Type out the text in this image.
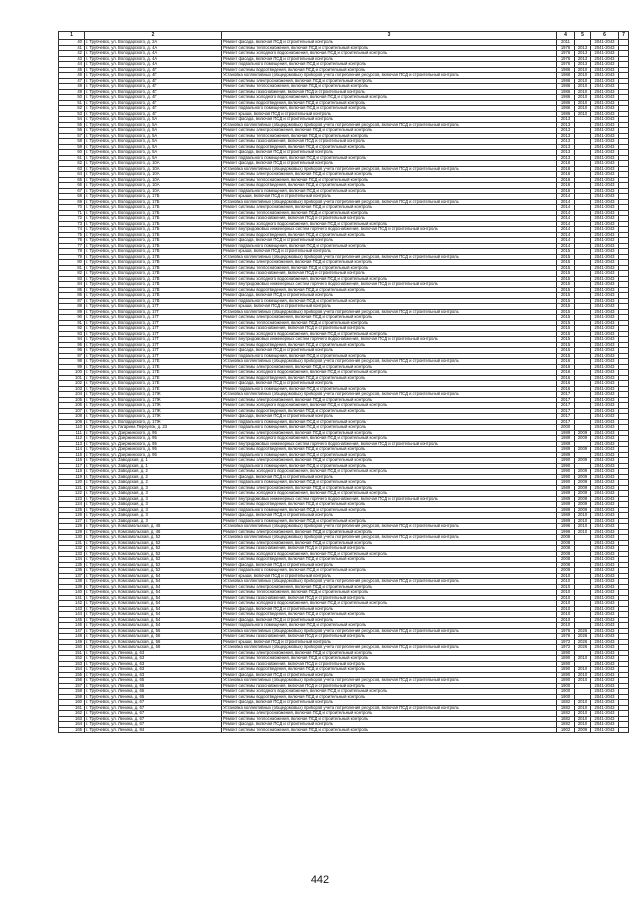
1	2	3	4	5	6	7
40	г. Трубчевск, ул. Володарского, д. 2А	Ремонт фасада, включая ПСД и строительный контроль	2011		2041-2043	
41	г. Трубчевск, ул. Володарского, д. 4А	Ремонт системы теплоснабжения, включая ПСД и строительный контроль	1976	2013	2041-2043	
42	г. Трубчевск, ул. Володарского, д. 4А	Ремонт системы холодного водоснабжения, включая ПСД и строительный контроль	1976	2013	2041-2043	
43	г. Трубчевск, ул. Володарского, д. 4А	Ремонт фасада, включая ПСД и строительный контроль	1976	2013	2041-2043	
44	г. Трубчевск, ул. Володарского, д. 4А	Ремонт подвального помещения, включая ПСД и строительный контроль	1976	2013	2041-2043	
45	г. Трубчевск, ул. Володарского, д. 4Г	Ремонт системы водоотведения, включая ПСД и строительный контроль	1986	2010	2041-2043	
46	г. Трубчевск, ул. Володарского, д. 4Г	Установка коллективных (общедомовых) приборов учета потребления ресурсов, включая ПСД и строительный контроль	1986	2010	2041-2043	
47	г. Трубчевск, ул. Володарского, д. 4Г	Ремонт системы электроснабжения, включая ПСД и строительный контроль	1986	2010	2041-2043	
48	г. Трубчевск, ул. Володарского, д. 4Г	Ремонт системы теплоснабжения, включая ПСД и строительный контроль	1986	2010	2041-2043	
49	г. Трубчевск, ул. Володарского, д. 4Г	Ремонт системы газоснабжения, включая ПСД и строительный контроль	1986	2010	2041-2043	
50	г. Трубчевск, ул. Володарского, д. 4Г	Ремонт системы холодного водоснабжения, включая ПСД и строительный контроль	1986	2010	2041-2043	
51	г. Трубчевск, ул. Володарского, д. 4Г	Ремонт системы водоотведения, включая ПСД и строительный контроль	1986	2010	2041-2043	
52	г. Трубчевск, ул. Володарского, д. 4Г	Ремонт подвального помещения, включая ПСД и строительный контроль	1986	2010	2041-2043	
53	г. Трубчевск, ул. Володарского, д. 4Г	Ремонт крыши, включая ПСД и строительный контроль	1986	2010	2041-2043	
54	г. Трубчевск, ул. Володарского, д. 5А	Ремонт фасада, включая ПСД и строительный контроль	2013		2041-2043	
55	г. Трубчевск, ул. Володарского, д. 5А	Установка коллективных (общедомовых) приборов учета потребления ресурсов, включая ПСД и строительный контроль	2013		2041-2043	
56	г. Трубчевск, ул. Володарского, д. 5А	Ремонт системы электроснабжения, включая ПСД и строительный контроль	2013		2041-2043	
57	г. Трубчевск, ул. Володарского, д. 5А	Ремонт системы теплоснабжения, включая ПСД и строительный контроль	2013		2041-2043	
58	г. Трубчевск, ул. Володарского, д. 5А	Ремонт системы газоснабжения, включая ПСД и строительный контроль	2013		2041-2043	
59	г. Трубчевск, ул. Володарского, д. 5А	Ремонт системы водоотведения, включая ПСД и строительный контроль	2013		2041-2043	
60	г. Трубчевск, ул. Володарского, д. 5А	Ремонт фасада, включая ПСД и строительный контроль	2013		2041-2043	
61	г. Трубчевск, ул. Володарского, д. 5А	Ремонт подвального помещения, включая ПСД и строительный контроль	2013		2041-2043	
62	г. Трубчевск, ул. Володарского, д. 10А	Ремонт фасада, включая ПСД и строительный контроль	2016		2041-2043	
63	г. Трубчевск, ул. Володарского, д. 10А	Установка коллективных (общедомовых) приборов учета потребления ресурсов, включая ПСД и строительный контроль	2016		2041-2043	
64	г. Трубчевск, ул. Володарского, д. 10А	Ремонт системы электроснабжения, включая ПСД и строительный контроль	2016		2041-2043	
65	г. Трубчевск, ул. Володарского, д. 10А	Ремонт системы теплоснабжения, включая ПСД и строительный контроль	2016		2041-2043	
66	г. Трубчевск, ул. Володарского, д. 10А	Ремонт системы водоотведения, включая ПСД и строительный контроль	2016		2041-2043	
67	г. Трубчевск, ул. Володарского, д. 10А	Ремонт подвального помещения, включая ПСД и строительный контроль	2016		2041-2043	
68	г. Трубчевск, ул. Володарского, д. 17Б	Ремонт крыши, включая ПСД и строительный контроль	2014		2041-2043	
69	г. Трубчевск, ул. Володарского, д. 17Б	Установка коллективных (общедомовых) приборов учета потребления ресурсов, включая ПСД и строительный контроль	2014		2041-2043	
70	г. Трубчевск, ул. Володарского, д. 17Б	Ремонт системы электроснабжения, включая ПСД и строительный контроль	2014		2041-2043	
71	г. Трубчевск, ул. Володарского, д. 17Б	Ремонт системы теплоснабжения, включая ПСД и строительный контроль	2014		2041-2043	
72	г. Трубчевск, ул. Володарского, д. 17Б	Ремонт системы газоснабжения, включая ПСД и строительный контроль	2014		2041-2043	
73	г. Трубчевск, ул. Володарского, д. 17Б	Ремонт системы холодного водоснабжения, включая ПСД и строительный контроль	2014		2041-2043	
74	г. Трубчевск, ул. Володарского, д. 17Б	Ремонт внутридомовых инженерных систем горячего водоснабжения, включая ПСД и строительный контроль	2014		2041-2043	
75	г. Трубчевск, ул. Володарского, д. 17Б	Ремонт системы водоотведения, включая ПСД и строительный контроль	2014		2041-2043	
76	г. Трубчевск, ул. Володарского, д. 17Б	Ремонт фасада, включая ПСД и строительный контроль	2014		2041-2043	
77	г. Трубчевск, ул. Володарского, д. 17Б	Ремонт подвального помещения, включая ПСД и строительный контроль	2014		2041-2043	
78	г. Трубчевск, ул. Володарского, д. 17В	Ремонт крыши, включая ПСД и строительный контроль	2015		2041-2043	
79	г. Трубчевск, ул. Володарского, д. 17В	Установка коллективных (общедомовых) приборов учета потребления ресурсов, включая ПСД и строительный контроль	2015		2041-2043	
80	г. Трубчевск, ул. Володарского, д. 17В	Ремонт системы электроснабжения, включая ПСД и строительный контроль	2015		2041-2043	
81	г. Трубчевск, ул. Володарского, д. 17В	Ремонт системы теплоснабжения, включая ПСД и строительный контроль	2015		2041-2043	
82	г. Трубчевск, ул. Володарского, д. 17В	Ремонт системы газоснабжения, включая ПСД и строительный контроль	2015		2041-2043	
83	г. Трубчевск, ул. Володарского, д. 17В	Ремонт системы холодного водоснабжения, включая ПСД и строительный контроль	2015		2041-2043	
84	г. Трубчевск, ул. Володарского, д. 17В	Ремонт внутридомовых инженерных систем горячего водоснабжения, включая ПСД и строительный контроль	2015		2041-2043	
85	г. Трубчевск, ул. Володарского, д. 17В	Ремонт системы водоотведения, включая ПСД и строительный контроль	2015		2041-2043	
86	г. Трубчевск, ул. Володарского, д. 17В	Ремонт фасада, включая ПСД и строительный контроль	2015		2041-2043	
87	г. Трубчевск, ул. Володарского, д. 17В	Ремонт подвального помещения, включая ПСД и строительный контроль	2015		2041-2043	
88	г. Трубчевск, ул. Володарского, д. 17Г	Ремонт крыши, включая ПСД и строительный контроль	2015		2041-2043	
89	г. Трубчевск, ул. Володарского, д. 17Г	Установка коллективных (общедомовых) приборов учета потребления ресурсов, включая ПСД и строительный контроль	2015		2041-2043	
90	г. Трубчевск, ул. Володарского, д. 17Г	Ремонт системы электроснабжения, включая ПСД и строительный контроль	2015		2041-2043	
91	г. Трубчевск, ул. Володарского, д. 17Г	Ремонт системы теплоснабжения, включая ПСД и строительный контроль	2015		2041-2043	
92	г. Трубчевск, ул. Володарского, д. 17Г	Ремонт системы газоснабжения, включая ПСД и строительный контроль	2015		2041-2043	
93	г. Трубчевск, ул. Володарского, д. 17Г	Ремонт системы холодного водоснабжения, включая ПСД и строительный контроль	2015		2041-2043	
94	г. Трубчевск, ул. Володарского, д. 17Г	Ремонт внутридомовых инженерных систем горячего водоснабжения, включая ПСД и строительный контроль	2015		2041-2043	
95	г. Трубчевск, ул. Володарского, д. 17Г	Ремонт системы водоотведения, включая ПСД и строительный контроль	2015		2041-2043	
96	г. Трубчевск, ул. Володарского, д. 17Г	Ремонт фасада, включая ПСД и строительный контроль	2015		2041-2043	
97	г. Трубчевск, ул. Володарского, д. 17Г	Ремонт подвального помещения, включая ПСД и строительный контроль	2015		2041-2043	
98	г. Трубчевск, ул. Володарского, д. 17Е	Установка коллективных (общедомовых) приборов учета потребления ресурсов, включая ПСД и строительный контроль	2016		2041-2043	
99	г. Трубчевск, ул. Володарского, д. 17Е	Ремонт системы электроснабжения, включая ПСД и строительный контроль	2016		2041-2043	
100	г. Трубчевск, ул. Володарского, д. 17Е	Ремонт системы холодного водоснабжения, включая ПСД и строительный контроль	2016		2041-2043	
101	г. Трубчевск, ул. Володарского, д. 17Е	Ремонт системы водоотведения, включая ПСД и строительный контроль	2016		2041-2043	
102	г. Трубчевск, ул. Володарского, д. 17Е	Ремонт фасада, включая ПСД и строительный контроль	2016		2041-2043	
103	г. Трубчевск, ул. Володарского, д. 17Е	Ремонт подвального помещения, включая ПСД и строительный контроль	2016		2041-2043	
104	г. Трубчевск, ул. Володарского, д. 17Ж	Установка коллективных (общедомовых) приборов учета потребления ресурсов, включая ПСД и строительный контроль	2017		2041-2043	
105	г. Трубчевск, ул. Володарского, д. 17Ж	Ремонт системы электроснабжения, включая ПСД и строительный контроль	2017		2041-2043	
106	г. Трубчевск, ул. Володарского, д. 17Ж	Ремонт системы холодного водоснабжения, включая ПСД и строительный контроль	2017		2041-2043	
107	г. Трубчевск, ул. Володарского, д. 17Ж	Ремонт системы водоотведения, включая ПСД и строительный контроль	2017		2041-2043	
108	г. Трубчевск, ул. Володарского, д. 17Ж	Ремонт фасада, включая ПСД и строительный контроль	2017		2041-2043	
109	г. Трубчевск, ул. Володарского, д. 17Ж	Ремонт подвального помещения, включая ПСД и строительный контроль	2017		2041-2043	
110	г. Трубчевск, ул. Гагарина Переулок, д. 23	Ремонт подвального помещения, включая ПСД и строительный контроль	2000		2041-2043	
111	г. Трубчевск, ул. Дзержинского, д. 95	Ремонт системы электроснабжения, включая ПСД и строительный контроль	1989	2009	2041-2043	
112	г. Трубчевск, ул. Дзержинского, д. 95	Ремонт системы холодного водоснабжения, включая ПСД и строительный контроль	1989	2009	2041-2043	
113	г. Трубчевск, ул. Дзержинского, д. 95	Ремонт внутридомовых инженерных систем горячего водоснабжения, включая ПСД и строительный контроль	1989		2041-2043	
114	г. Трубчевск, ул. Дзержинского, д. 95	Ремонт системы водоотведения, включая ПСД и строительный контроль	1989	2009	2041-2043	
115	г. Трубчевск, ул. Дзержинского, д. 95	Ремонт подвального помещения, включая ПСД и строительный контроль	1989		2041-2043	
116	г. Трубчевск, ул. Заводская, д. 1	Ремонт системы электроснабжения, включая ПСД и строительный контроль	1990	2009	2041-2043	
117	г. Трубчевск, ул. Заводская, д. 1	Ремонт подвального помещения, включая ПСД и строительный контроль	1990		2041-2043	
118	г. Трубчевск, ул. Заводская, д. 2	Ремонт системы холодного водоснабжения, включая ПСД и строительный контроль	1990	2009	2041-2043	
119	г. Трубчевск, ул. Заводская, д. 2	Ремонт фасада, включая ПСД и строительный контроль	1990	2009	2041-2043	
120	г. Трубчевск, ул. Заводская, д. 2	Ремонт подвального помещения, включая ПСД и строительный контроль	1990	2009	2041-2043	
121	г. Трубчевск, ул. Заводская, д. 3	Ремонт системы электроснабжения, включая ПСД и строительный контроль	1989	2009	2041-2043	
122	г. Трубчевск, ул. Заводская, д. 3	Ремонт системы холодного водоснабжения, включая ПСД и строительный контроль	1989	2009	2041-2043	
123	г. Трубчевск, ул. Заводская, д. 3	Ремонт внутридомовых инженерных систем горячего водоснабжения, включая ПСД и строительный контроль	1989	2009	2041-2043	
124	г. Трубчевск, ул. Заводская, д. 3	Ремонт системы водоотведения, включая ПСД и строительный контроль	1989	2009	2041-2043	
125	г. Трубчевск, ул. Заводская, д. 3	Ремонт подвального помещения, включая ПСД и строительный контроль	1989	2009	2041-2043	
126	г. Трубчевск, ул. Заводская, д. 3	Ремонт фасада, включая ПСД и строительный контроль	1989	2010	2041-2043	
127	г. Трубчевск, ул. Заводская, д. 3	Ремонт подвального помещения, включая ПСД и строительный контроль	1989	2010	2041-2043	
128	г. Трубчевск, ул. Комсомольская, д. 46	Установка коллективных (общедомовых) приборов учета потребления ресурсов, включая ПСД и строительный контроль	1996	2010	2041-2043	
129	г. Трубчевск, ул. Комсомольская, д. 46	Ремонт системы электроснабжения, включая ПСД и строительный контроль	1996	2010	2041-2043	
130	г. Трубчевск, ул. Комсомольская, д. 52	Установка коллективных (общедомовых) приборов учета потребления ресурсов, включая ПСД и строительный контроль	2008		2041-2043	
131	г. Трубчевск, ул. Комсомольская, д. 52	Ремонт системы электроснабжения, включая ПСД и строительный контроль	2008		2041-2043	
132	г. Трубчевск, ул. Комсомольская, д. 52	Ремонт системы газоснабжения, включая ПСД и строительный контроль	2008		2041-2043	
133	г. Трубчевск, ул. Комсомольская, д. 52	Ремонт системы холодного водоснабжения, включая ПСД и строительный контроль	2008		2041-2043	
134	г. Трубчевск, ул. Комсомольская, д. 52	Ремонт системы водоотведения, включая ПСД и строительный контроль	2008		2041-2043	
135	г. Трубчевск, ул. Комсомольская, д. 52	Ремонт фасада, включая ПСД и строительный контроль	2008		2041-2043	
136	г. Трубчевск, ул. Комсомольская, д. 52	Ремонт подвального помещения, включая ПСД и строительный контроль	2008		2041-2043	
137	г. Трубчевск, ул. Комсомольская, д. 54	Ремонт крыши, включая ПСД и строительный контроль	2010		2041-2043	
138	г. Трубчевск, ул. Комсомольская, д. 54	Установка коллективных (общедомовых) приборов учета потребления ресурсов, включая ПСД и строительный контроль	2010		2041-2043	
139	г. Трубчевск, ул. Комсомольская, д. 54	Ремонт системы электроснабжения, включая ПСД и строительный контроль	2010		2041-2043	
140	г. Трубчевск, ул. Комсомольская, д. 54	Ремонт системы теплоснабжения, включая ПСД и строительный контроль	2010		2041-2043	
141	г. Трубчевск, ул. Комсомольская, д. 54	Ремонт системы газоснабжения, включая ПСД и строительный контроль	2010		2041-2043	
142	г. Трубчевск, ул. Комсомольская, д. 54	Ремонт системы холодного водоснабжения, включая ПСД и строительный контроль	2010		2041-2043	
143	г. Трубчевск, ул. Комсомольская, д. 54	Ремонт фасада, включая ПСД и строительный контроль	2010		2041-2043	
144	г. Трубчевск, ул. Комсомольская, д. 54	Ремонт системы водоотведения, включая ПСД и строительный контроль	2010		2041-2043	
145	г. Трубчевск, ул. Комсомольская, д. 54	Ремонт фасада, включая ПСД и строительный контроль	2010		2041-2043	
146	г. Трубчевск, ул. Комсомольская, д. 54	Ремонт подвального помещения, включая ПСД и строительный контроль	2010		2041-2043	
147	г. Трубчевск, ул. Комсомольская, д. 56	Установка коллективных (общедомовых) приборов учета потребления ресурсов, включая ПСД и строительный контроль	1976	2026	2041-2043	
148	г. Трубчевск, ул. Комсомольская, д. 56	Ремонт системы газоснабжения, включая ПСД и строительный контроль	1976	2026	2041-2043	
149	г. Трубчевск, ул. Комсомольская, д. 56	Ремонт крыши, включая ПСД и строительный контроль	1972	2026	2041-2043	
150	г. Трубчевск, ул. Комсомольская, д. 58	Установка коллективных (общедомовых) приборов учета потребления ресурсов, включая ПСД и строительный контроль	1972	2026	2041-2043	
151	г. Трубчевск, ул. Ленина, д. 63	Ремонт системы электроснабжения, включая ПСД и строительный контроль	1890		2041-2043	
152	г. Трубчевск, ул. Ленина, д. 63	Ремонт системы теплоснабжения, включая ПСД и строительный контроль	1890	2010	2041-2043	
153	г. Трубчевск, ул. Ленина, д. 63	Ремонт системы газоснабжения, включая ПСД и строительный контроль	1890		2041-2043	
154	г. Трубчевск, ул. Ленина, д. 63	Ремонт системы водоотведения, включая ПСД и строительный контроль	1890	2010	2041-2043	
155	г. Трубчевск, ул. Ленина, д. 63	Ремонт фасада, включая ПСД и строительный контроль	1890	2010	2041-2043	
156	г. Трубчевск, ул. Ленина, д. 65	Установка коллективных (общедомовых) приборов учета потребления ресурсов, включая ПСД и строительный контроль	1890	2010	2041-2043	
157	г. Трубчевск, ул. Ленина, д. 65	Ремонт системы газоснабжения, включая ПСД и строительный контроль	1900		2041-2043	
158	г. Трубчевск, ул. Ленина, д. 65	Ремонт системы холодного водоснабжения, включая ПСД и строительный контроль	1900		2041-2043	
159	г. Трубчевск, ул. Ленина, д. 65	Ремонт системы водоотведения, включая ПСД и строительный контроль	1900		2041-2043	
160	г. Трубчевск, ул. Ленина, д. 67	Ремонт фасада, включая ПСД и строительный контроль	1882	2010	2041-2043	
161	г. Трубчевск, ул. Ленина, д. 67	Установка коллективных (общедомовых) приборов учета потребления ресурсов, включая ПСД и строительный контроль	1882	2010	2041-2043	
162	г. Трубчевск, ул. Ленина, д. 67	Ремонт системы электроснабжения, включая ПСД и строительный контроль	1882	2010	2041-2043	
163	г. Трубчевск, ул. Ленина, д. 67	Ремонт системы теплоснабжения, включая ПСД и строительный контроль	1882	2010	2041-2043	
164	г. Трубчевск, ул. Ленина, д. 67	Ремонт фасада, включая ПСД и строительный контроль	1882	2010	2041-2043	
165	г. Трубчевск, ул. Ленина, д. 84	Ремонт системы теплоснабжения, включая ПСД и строительный контроль	1902	2009	2041-2043	
442
